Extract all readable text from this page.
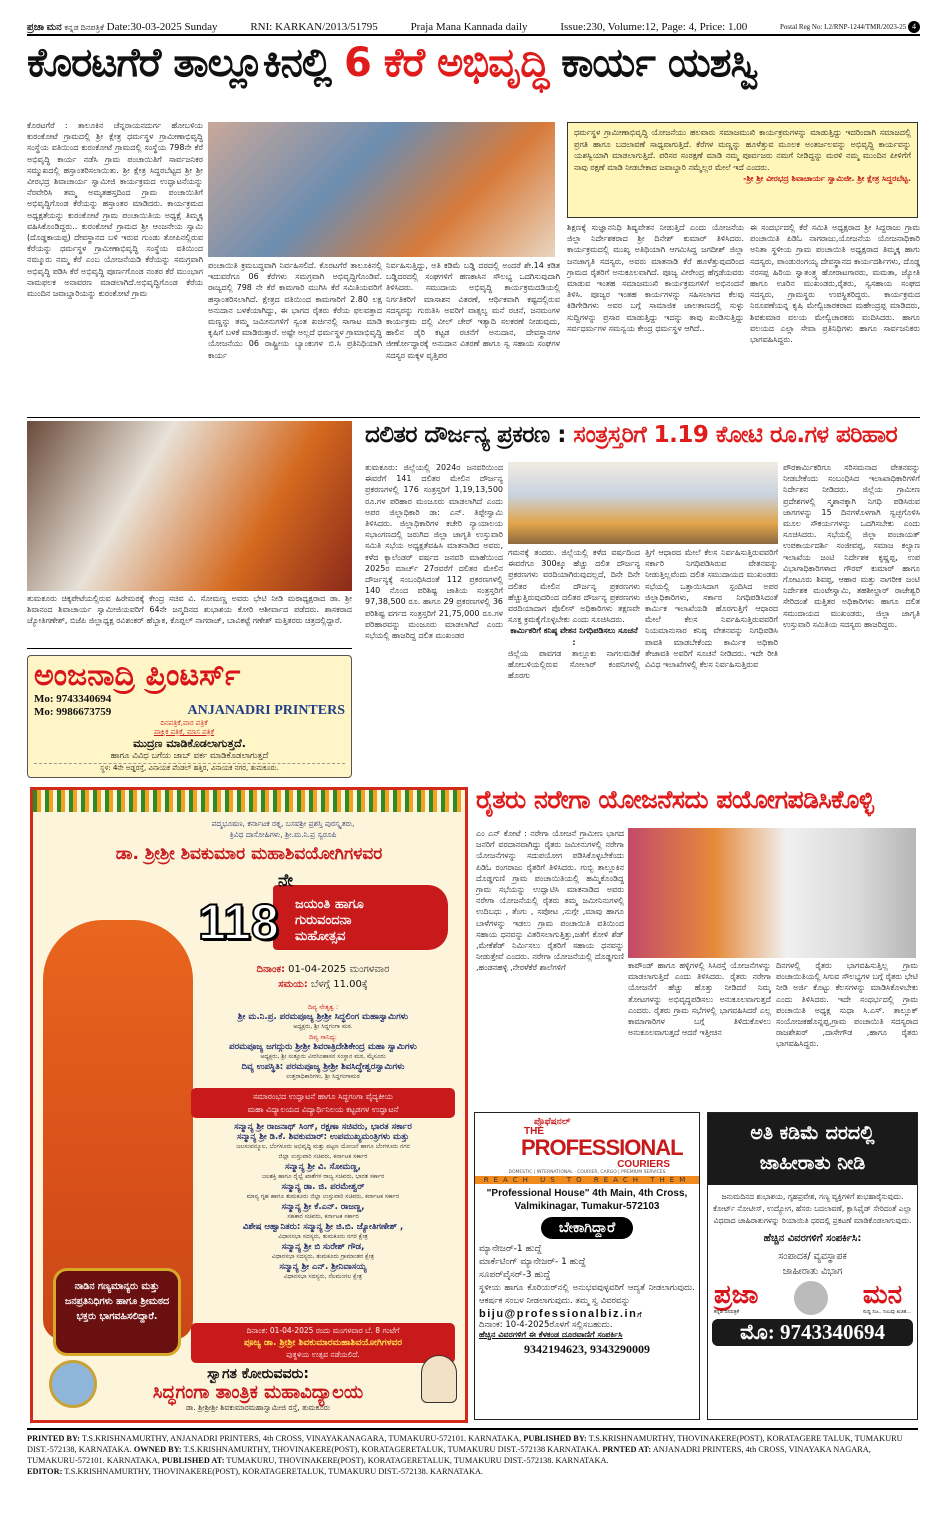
ಪ್ರಜಾ ಮನ ಕನ್ನಡ ದಿನಪತ್ರಿಕೆ Date:30-03-2025 Sunday	RNI: KARKAN/2013/51795	Praja Mana Kannada daily	Issue:230, Volume:12, Page: 4, Price: 1.00	Postal Reg No: L2/RNP-1244/TMR/2023-25 4
ಕೊರಟಗೆರೆ ತಾಲ್ಲೂಕಿನಲ್ಲಿ 6 ಕೆರೆ ಅಭಿವೃದ್ಧಿ ಕಾರ್ಯ ಯಶಸ್ವಿ
ಕೊರಟಗೆರೆ : ತಾಲೂಕಿನ ಚೆನ್ನರಾಯನದುರ್ಗ ಹೋಬಳಿಯ ಕುರಂಕೋಟೆ ಗ್ರಾಮದಲ್ಲಿ ಶ್ರೀ ಕ್ಷೇತ್ರ ಧರ್ಮಸ್ಥಳ ಗ್ರಾಮೀಣಾಭಿವೃದ್ಧಿ ಸಂಸ್ಥೆಯ ವತಿಯಿಂದ ಕುರಂಕೋಟೆ ಗ್ರಾಮದಲ್ಲಿ ಸಂಸ್ಥೆಯ 798ನೇ ಕೆರೆ ಅಭಿವೃದ್ಧಿ ಕಾರ್ಯ ನಡೆಸಿ ಗ್ರಾಮ ಪಂಚಾಯಿತಿಗೆ ಸಾರ್ವಜನಿಕರ ಸಮ್ಮುಖದಲ್ಲಿ ಹಸ್ತಾಂತರಿಸಲಾಯಿತು. ಶ್ರೀ ಕ್ಷೇತ್ರ ಸಿದ್ದರಬೆಟ್ಟದ ಶ್ರೀ ಶ್ರೀ ವೀರಭದ್ರ ಶಿವಾಚಾರ್ಯ ಸ್ವಾಮೀಜಿ ಕಾರ್ಯಕ್ರಮದ ಉದ್ಘಾಟನೆಯನ್ನು ನೆರವೇರಿಸಿ ತಮ್ಮ ಅಮೃತಹಸ್ತದಿಂದ ಗ್ರಾಮ ಪಂಚಾಯಿತಿಗೆ ಅಭಿವೃದ್ಧಿಗೊಂಡ ಕೆರೆಯನ್ನು ಹಸ್ತಾಂತರ ಮಾಡಿದರು. ಕಾರ್ಯಕ್ರಮದ ಅಧ್ಯಕ್ಷತೆಯನ್ನು ಕುರಂಕೋಟೆ ಗ್ರಾಮ ಪಂಚಾಯಿತಿಯ ಅಧ್ಯಕ್ಷೆ ತಿಮ್ಮಕ್ಕ ವಹಿಸಿಕೊಂಡಿದ್ದರು.. ಕುರಂಕೋಟೆ ಗ್ರಾಮದ ಶ್ರೀ ಆಂಜನೇಯ ಸ್ವಾಮಿ (ದೊಡ್ಡಕಾಯಪ್ಪ) ದೇವಸ್ಥಾನದ ಬಳಿ ಇರುವ ಗುಂಡು ತೋಪಿನಲ್ಲಿರುವ ಕೆರೆಯನ್ನು ಧರ್ಮಸ್ಥಳ ಗ್ರಾಮೀಣಾಭಿವೃದ್ಧಿ ಸಂಸ್ಥೆಯ ವತಿಯಿಂದ ನಮ್ಮೂರು ನಮ್ಮ ಕೆರೆ ಎಂಬ ಯೋಜನೆಯಡಿ ಕೆರೆಯನ್ನು ಸಮಗ್ರವಾಗಿ ಅಭಿವೃದ್ಧಿ ಪಡಿಸಿ ಕೆರೆ ಅಭಿವೃದ್ಧಿ ಪೂರ್ಣಗೊಂಡ ನಂತರ ಕೆರೆ ಮುಂಭಾಗ ನಾಮಫಲಕ ಅನಾವರಣ ಮಾಡಲಾಗಿದೆ.ಅಭಿವೃದ್ಧಿಗೊಂಡ ಕೆರೆಯ ಮುಂದಿನ ಜವಾಬ್ದಾರಿಯನ್ನು ಕುರಂಕೋಟೆ ಗ್ರಾಮ
ಪಂಚಾಯಿತಿ ಕ್ರಮಬದ್ಧವಾಗಿ ನಿರ್ವಹಿಸಲಿದೆ. ಕೊರಟಗೆರೆ ತಾಲೂಕಿನಲ್ಲಿ ಇದುವರೆಗೂ 06 ಕೆರೆಗಳು ಸಮಗ್ರವಾಗಿ ಅಭಿವೃದ್ಧಿಗೊಂಡಿವೆ. ರಾಜ್ಯದಲ್ಲಿ 798 ನೇ ಕೆರೆ ಕಾಮಗಾರಿ ಮುಗಿಸಿ ಕೆರೆ ಸಮಿತಿಯವರಿಗೆ ಹಸ್ತಾಂತರಿಸಲಾಗಿದೆ. ಕ್ಷೇತ್ರದ ವತಿಯಿಂದ ಕಾಮಗಾರಿಗೆ 2.80 ಲಕ್ಷ ಅನುದಾನ ಬಳಕೆಯಾಗಿದ್ದು, ಈ ಭಾಗದ ರೈತರು ಕೆರೆಯ ಫಲವತ್ತಾದ ಮಣ್ಣನ್ನು ತಮ್ಮ ಜಮೀನುಗಳಿಗೆ ಸ್ವಂತ ಖರ್ಚಿನಲ್ಲಿ ಸಾಗಾಟ ಮಾಡಿ ಕೃಷಿಗೆ ಬಳಕೆ ಮಾಡಿರುತ್ತಾರೆ. ಅಷ್ಟೇ ಅಲ್ಲದೆ ಧರ್ಮಸ್ಥಳ ಗ್ರಾಮಾಭಿವೃದ್ಧಿ ಯೋಜನೆಯು 06 ರಾಷ್ಟ್ರೀಯ ಬ್ಯಾಂಕುಗಳ ಬಿ.ಸಿ ಪ್ರತಿನಿಧಿಯಾಗಿ ಕಾರ್ಯ
ನಿರ್ವಹಿಸುತ್ತಿದ್ದು, ಅತಿ ಕಡಿಮೆ ಬಡ್ಡಿ ದರದಲ್ಲಿ ಅಂದರೆ ಶೇ.14 ಕಡಿತ ಬಡ್ಡಿದರದಲ್ಲಿ ಸಂಘಗಳಿಗೆ ಹಣಕಾಸಿನ ಸೌಲಭ್ಯ ಒದಗಿಸುವುದಾಗಿ ತಿಳಿಸಿದರು. ಸಮುದಾಯ ಅಭಿವೃದ್ಧಿ ಕಾರ್ಯಕ್ರಮದಡಿಯಲ್ಲಿ ನಿರ್ಗತಿಕರಿಗೆ ಮಾಸಾಶನ ವಿತರಣೆ, ಆರ್ಥಿಕವಾಗಿ ಕಷ್ಟದಲ್ಲಿರುವ ಸದಸ್ಯರನ್ನು ಗುರುತಿಸಿ ಅವರಿಗೆ ವಾತ್ಸಲ್ಯ ಮನೆ ರಚನೆ, ಜನಮಂಗಳ ಕಾರ್ಯಕ್ರಮ ದಲ್ಲಿ ವೀಲ್ ಚೇರ್ ಇತ್ಯಾದಿ ಸಲಕರಣೆ ನೀಡುವುದು, ಹಾಲಿನ ಡೈರಿ ಕಟ್ಟಡ ರಚನೆಗೆ ಅನುದಾನ, ದೇವಸ್ಥಾನಗಳ ಜೀರ್ಣೋದ್ಧಾರಕ್ಕೆ ಅನುದಾನ ವಿತರಣೆ ಹಾಗೂ ಸ್ವ ಸಹಾಯ ಸಂಘಗಳ ಸದಸ್ಯರ ಮಕ್ಕಳ ವೃತ್ತಿಪರ
ಧರ್ಮಸ್ಥಳ ಗ್ರಾಮೀಣಾಭಿವೃದ್ಧಿ ಯೋಜನೆಯು ಹಲವಾರು ಸಮಾಜಮುಖಿ ಕಾರ್ಯಕ್ರಮಗಳನ್ನು ಮಾಡುತ್ತಿದ್ದು ಇದರಿಂದಾಗಿ ಸಮಾಜದಲ್ಲಿ ಪ್ರಗತಿ ಹಾಗೂ ಬದಲಾವಣೆ ಸಾಧ್ಯವಾಗುತ್ತಿದೆ. ಕೆರೆಗಳ ಮಣ್ಣನ್ನು ಹೂಳೆತ್ತುವ ಮೂಲಕ ಅಂತರ್ಜಲವನ್ನು ಅಭಿವೃದ್ಧಿ ಕಾರ್ಯವನ್ನು ಯಶಸ್ವಿಯಾಗಿ ಮಾಡಲಾಗುತ್ತಿದೆ. ಪರಿಸರ ಸಂರಕ್ಷಣೆ ಮಾಡಿ ನಮ್ಮ ಪೂರ್ವಜರು ನಮಗೆ ನೀಡಿದ್ದನ್ನು ಮರಳಿ ನಮ್ಮ ಮುಂದಿನ ಪೀಳಿಗೆಗೆ ನಾವು ರಕ್ಷಣೆ ಮಾಡಿ ನೀಡಬೇಕಾದ ಜವಾಬ್ದಾರಿ ನಮ್ಮೆಲ್ಲರ ಮೇಲೆ ಇದೆ ಎಂದರು.
-ಶ್ರೀ ಶ್ರೀ ವೀರಭದ್ರ ಶಿವಾಚಾರ್ಯ ಸ್ವಾಮಿಜೀ. ಶ್ರೀ ಕ್ಷೇತ್ರ ಸಿದ್ದರಬೆಟ್ಟ.
ಶಿಕ್ಷಣಕ್ಕೆ ಸುಜ್ಞಾನನಿಧಿ ಶಿಷ್ಯವೇತನ ನೀಡುತ್ತಿದೆ ಎಂದು ಯೋಜನೆಯ ಜಿಲ್ಲಾ ನಿರ್ದೇಶಕರಾದ ಶ್ರೀ ದಿನೇಶ್ ಕುಮಾರ್ ತಿಳಿಸಿದರು. ಕಾರ್ಯಕ್ರಮದಲ್ಲಿ ಮುಖ್ಯ ಅತಿಥಿಯಾಗಿ ಆಗಮಿಸಿದ್ದ ಜಗದೀಶ್ ಜಿಲ್ಲಾ ಜನಜಾಗೃತಿ ಸದಸ್ಯರು, ಅವರು ಮಾತನಾಡಿ ಕೆರೆ ಹೂಳೆತ್ತುವುದರಿಂದ ಗ್ರಾಮದ ರೈತರಿಗೆ ಅನುಕೂಲವಾಗಿದೆ. ಪೂಜ್ಯ ವೀರೇಂದ್ರ ಹೆಗ್ಗಡೆಯವರು ಮಾಡುವ ಇಂತಹ ಸಮಾಜಮುಖಿ ಕಾರ್ಯಕ್ರಮಗಳಿಗೆ ಅಭಿನಂದನೆ ತಿಳಿಸಿ. ಪೂಜ್ಯರ ಇಂತಹ ಕಾರ್ಯಗಳನ್ನು ಸಹಿಸಲಾಗದ ಕೆಲವು ಕಿಡಿಗೇಡಿಗಳು ಅವರ ಬಗ್ಗೆ ಸಾಮಾಜಿಕ ಜಾಲತಾಣದಲ್ಲಿ ಸುಳ್ಳು ಸುದ್ದಿಗಳನ್ನು ಪ್ರಸಾರ ಮಾಡುತ್ತಿದ್ದು ಇದನ್ನು ತಾವು ಖಂಡಿಸುತ್ತಿದ್ದು ಸರ್ವಧರ್ಮಗಳ ಸಮನ್ವಯ ಕೇಂದ್ರ ಧರ್ಮಸ್ಥಳ ಆಗಿದೆ..
ಈ ಸಂದರ್ಭದಲ್ಲಿ ಕೆರೆ ಸಮಿತಿ ಅಧ್ಯಕ್ಷರಾದ ಶ್ರೀ ಸಿದ್ದರಾಜು ಗ್ರಾಮ ಪಂಚಾಯಿತಿ ಪಿಡಿಓ ನಾಗರಾಜು,ಯೋಜನೆಯ ಯೋಜನಾಧಿಕಾರಿ ಅನಿತಾ ಸ್ಥಳೀಯ ಗ್ರಾಮ ಪಂಚಾಯಿತಿ ಅಧ್ಯಕ್ಷರಾದ ತಿಮ್ಮಕ್ಕ ಹಾಗು ಸದಸ್ಯರು, ಪಾಂಡುರಂಗಯ್ಯ ದೇವಸ್ಥಾನದ ಕಾರ್ಯದರ್ಶಿಗಳು, ದೊಡ್ಡ ನರಸಪ್ಪ ಹಿರಿಯ ಸ್ವಾತಂತ್ರ್ಯ ಹೋರಾಟಗಾರರು, ಮಮತಾ, ಜ್ಯೋತಿ ಹಾಗೂ ಊರಿನ ಮುಖಂಡರು,ರೈತರು, ಸ್ವಸಹಾಯ ಸಂಘದ ಸದಸ್ಯರು, ಗ್ರಾಮಸ್ಥರು ಉಪಸ್ಥಿತರಿದ್ದರು. ಕಾರ್ಯಕ್ರಮದ ನಿರೂಪಣೆಯನ್ನ ಕೃಷಿ ಮೇಲ್ವಿಚಾರಕರಾದ ಮಹೇಂದ್ರಪ್ಪ ಮಾಡಿದರು, ಶಿವಕುಮಾರ ವಲಯ ಮೇಲ್ವಿಚಾರಕರು ವಂದಿಸಿದರು. ಹಾಗೂ ವಲಯದ ಎಲ್ಲಾ ಸೇವಾ ಪ್ರತಿನಿಧಿಗಳು ಹಾಗೂ ಸಾರ್ವಜನಿಕರು ಭಾಗವಹಿಸಿದ್ದರು.
ತುಮಕೂರು ಚಿಕ್ಕಪೇಟೆಯಲ್ಲಿರುವ ಹಿರೇಮಠಕ್ಕೆ ಕೇಂದ್ರ ಸಚಿವ ವಿ. ಸೋಮಣ್ಣ ಅವರು ಭೇಟಿ ನೀಡಿ ಮಠಾಧ್ಯಕ್ಷರಾದ ಡಾ. ಶ್ರೀ ಶಿವಾನಂದ ಶಿವಾಚಾರ್ಯ ಸ್ವಾಮೀಜಿಯವರಿಗೆ 64ನೇ ಜನ್ಮದಿನದ ಶುಭಾಶಯ ಕೋರಿ ಆಶೀರ್ವಾದ ಪಡೆದರು. ಶಾಸಕರಾದ ಜ್ಯೋತಿಗಣೇಶ್, ಬಿಜೆಪಿ ಜಿಲ್ಲಾಧ್ಯಕ್ಷ ರವಿಶಂಕರ್ ಹೆಬ್ಬಾಕ, ಕೊಪ್ಪಲ್ ನಾಗರಾಜ್, ಬಾವಿಕಟ್ಟೆ ಗಣೇಶ್ ಮತ್ತಿತರರು ಚಿತ್ರದಲ್ಲಿದ್ದಾರೆ.
ಅಂಜನಾದ್ರಿ ಪ್ರಿಂಟರ್ಸ್
Mo: 9743340694
Mo: 9986673759	ANJANADRI PRINTERS
ದಿನಪತ್ರಿಕೆ,ವಾರ ಪತ್ರಿಕೆ
ಪಾಕ್ಷಿಕ ಪತ್ರಿಕೆ, ಮಾಸ ಪತ್ರಿಕೆ
ಮುದ್ರಣ ಮಾಡಿಕೊಡಲಾಗುತ್ತದೆ.
ಹಾಗೂ ವಿವಿಧ ಬಗೆಯ ಜಾಬ್ ವರ್ಕ ಮಾಡಿಕೊಡಲಾಗುತ್ತದೆ
ಸ್ಥಳ: 4ನೇ ಅಡ್ಡರಸ್ತೆ, ವಿನಾಯಕ ಪೆಂಡಲ್ ಹತ್ತಿರ, ವಿನಾಯಕ ನಗರ, ತುಮಕೂರು.
ದಲಿತರ ದೌರ್ಜನ್ಯ ಪ್ರಕರಣ : ಸಂತ್ರಸ್ತರಿಗೆ 1.19 ಕೋಟಿ ರೂ.ಗಳ ಪರಿಹಾರ
ತುಮಕೂರು: ಜಿಲ್ಲೆಯಲ್ಲಿ 2024ರ ಜನವರಿಯಿಂದ ಈವರೆಗೆ 141 ದಲಿತರ ಮೇಲಿನ ದೌರ್ಜನ್ಯ ಪ್ರಕರಣಗಳಲ್ಲಿ 176 ಸಂತ್ರಸ್ತರಿಗೆ 1,19,13,500 ರೂ.ಗಳ ಪರಿಹಾರ ಮಂಜೂರು ಮಾಡಲಾಗಿದೆ ಎಂದು ಅಪರ ಜಿಲ್ಲಾಧಿಕಾರಿ ಡಾ: ಎನ್. ತಿಪ್ಪೇಸ್ವಾಮಿ ತಿಳಿಸಿದರು. ಜಿಲ್ಲಾಧಿಕಾರಿಗಳ ಕಚೇರಿ ನ್ಯಾಯಾಲಯ ಸಭಾಂಗಣದಲ್ಲಿ ಜರುಗಿದ ಜಿಲ್ಲಾ ಜಾಗೃತಿ ಉಸ್ತುವಾರಿ ಸಮಿತಿ ಸಭೆಯ ಅಧ್ಯಕ್ಷತೆವಹಿಸಿ ಮಾತನಾಡಿದ ಅವರು, ಕಳೆದ ಕ್ಯಾಲೆಂಡರ್ ವರ್ಷದ ಜನವರಿ ಮಾಹೆಯಿಂದ 2025ರ ಮಾರ್ಚ್ 27ರವರೆಗೆ ದಲಿತರ ಮೇಲಿನ ದೌರ್ಜನ್ಯಕ್ಕೆ ಸಂಬಂಧಿಸಿದಂತೆ 112 ಪ್ರಕರಣಗಳಲ್ಲಿ 140 ನೊಂದ ಪರಿಶಿಷ್ಟ ಜಾತಿಯ ಸಂತ್ರಸ್ತರಿಗೆ 97,38,500 ರೂ. ಹಾಗೂ 29 ಪ್ರಕರಣಗಳಲ್ಲಿ 36 ಪರಿಶಿಷ್ಟ ವರ್ಗದ ಸಂತ್ರಸ್ತರಿಗೆ 21,75,000 ರೂ.ಗಳ ಪರಿಹಾರವನ್ನು ಮಂಜೂರು ಮಾಡಲಾಗಿದೆ ಎಂದು ಸಭೆಯಲ್ಲಿ ಹಾಜರಿದ್ದ ದಲಿತ ಮುಖಂಡರ
ಗಮನಕ್ಕೆ ತಂದರು. ಜಿಲ್ಲೆಯಲ್ಲಿ ಕಳೆದ ವರ್ಷದಿಂದ ಈವರೆಗೂ 300ಕ್ಕೂ ಹೆಚ್ಚು ದಲಿತ ದೌರ್ಜನ್ಯ ಪ್ರಕರಣಗಳು ವರದಿಯಾಗಿರುವುದಲ್ಲದೆ, ದಿನೇ ದಿನೇ ದಲಿತರ ಮೇಲಿನ ದೌರ್ಜನ್ಯ ಪ್ರಕರಣಗಳು ಹೆಚ್ಚುತ್ತಿರುವುದರಿಂದ ದಲಿತರ ದೌರ್ಜನ್ಯ ಪ್ರಕರಣಗಳು ವರದಿಯಾದಾಗ ಪೊಲೀಸ್ ಅಧಿಕಾರಿಗಳು ತಕ್ಷಣವೇ ಸೂಕ್ತ ಕ್ರಮಕೈಗೊಳ್ಳಬೇಕು ಎಂದು ಸೂಚಿಸಿದರು.
ಕಾರ್ಮಿಕರಿಗೆ ಕನಿಷ್ಠ ವೇತನ ನಿಗಧಿಪಡಿಸಲು ಸೂಚನೆ :
ಜಿಲ್ಲೆಯ ಪಾವಗಡ ತಾಲ್ಲೂಕು ನಾಗಲಮಡಿಕೆ ಹೋಬಳಿಯಲ್ಲಿರುವ ಸೋಲಾರ್ ಕಂಪನಿಗಳಲ್ಲಿ ಹೊರಗು
ತ್ತಿಗೆ ಆಧಾರದ ಮೇಲೆ ಕೆಲಸ ನಿರ್ವಹಿಸುತ್ತಿರುವವರಿಗೆ ಸರ್ಕಾರಿ ನಿಗಧಿಪಡಿಸಿರುವ ವೇತನವನ್ನು ನೀಡುತ್ತಿಲ್ಲವೆಂದು ದಲಿತ ಸಮುದಾಯದ ಮುಖಂಡರು ಸಭೆಯಲ್ಲಿ ಒತ್ತಾಯಿಸಿದಾಗ ಸ್ಪಂದಿಸಿದ ಅಪರ ಜಿಲ್ಲಾಧಿಕಾರಿಗಳು, ಸರ್ಕಾರ ನಿಗಧಿಪಡಿಸಿದಂತೆ ಕಾರ್ಮಿಕ ಇಲಾಖೆಯಡಿ ಹೊರಗುತ್ತಿಗೆ ಆಧಾರದ ಮೇಲೆ ಕೆಲಸ ನಿರ್ವಹಿಸುತ್ತಿರುವವರಿಗೆ ನಿಯಮಾನುಸಾರ ಕನಿಷ್ಠ ವೇತನವನ್ನು ನಿಗಧಿಪಡಿಸಿ ಪಾವತಿ ಮಾಡಬೇಕೆಂದು ಕಾರ್ಮಿಕ ಅಧಿಕಾರಿ ತೇಜಾವತಿ ಅವರಿಗೆ ಸೂಚನೆ ನೀಡಿದರು. ಇದೇ ರೀತಿ ವಿವಿಧ ಇಲಾಖೆಗಳಲ್ಲಿ ಕೆಲಸ ನಿರ್ವಹಿಸುತ್ತಿರುವ
ಪೌರಕಾರ್ಮಿಕರಿಗೂ ಸರಿಸಮನಾದ ವೇತನವನ್ನು ನೀಡಬೇಕೆಂದು ಸಂಬಂಧಿಸಿದ ಇಲಾಖಾಧಿಕಾರಿಗಳಿಗೆ ನಿರ್ದೇಶನ ನೀಡಿದರು. ಜಿಲ್ಲೆಯ ಗ್ರಾಮೀಣ ಪ್ರದೇಶಗಳಲ್ಲಿ ಸ್ಮಶಾನಕ್ಕಾಗಿ ನಿಗಧಿ ಪಡಿಸಿರುವ ಜಾಗಗಳನ್ನು 15 ದಿನಗಳೊಳಗಾಗಿ ಸ್ವಚ್ಛಗೊಳಿಸಿ ಮೂಲ ಸೌಕರ್ಯಗಳನ್ನು ಒದಗಿಸಬೇಕು ಎಂದು ಸೂಚಿಸಿದರು. ಸಭೆಯಲ್ಲಿ ಜಿಲ್ಲಾ ಪಂಚಾಯತ್ ಉಪಕಾರ್ಯದರ್ಶಿ ಸಂಜೀವಪ್ಪ, ಸಮಾಜ ಕಲ್ಯಾಣ ಇಲಾಖೆಯ ಜಂಟಿ ನಿರ್ದೇಶಕ ಕೃಷ್ಣಪ್ಪ, ಉಪ ವಿಭಾಗಾಧಿಕಾರಿಗಳಾದ ಗೌರವ್ ಕುಮಾರ್ ಹಾಗೂ ಗೋಟೂರು ಶಿವಪ್ಪ, ಆಹಾರ ಮತ್ತು ನಾಗರೀಕ ಜಂಟಿ ನಿರ್ದೇಶಕ ಮಂಟೇಸ್ವಾಮಿ, ತಹಶೀಲ್ದಾರ್ ರಾಜೇಶ್ವರಿ ಸೇರಿದಂತೆ ಮತ್ತಿತರ ಅಧಿಕಾರಿಗಳು ಹಾಗೂ ದಲಿತ ಸಮುದಾಯದ ಮುಖಂಡರು, ಜಿಲ್ಲಾ ಜಾಗೃತಿ ಉಸ್ತುವಾರಿ ಸಮಿತಿಯ ಸದಸ್ಯರು ಹಾಜರಿದ್ದರು.
ಪದ್ಮಭೂಷಣ, ಕರ್ನಾಟಕ ರತ್ನ, ಬಸವಶ್ರೀ ಪ್ರಶಸ್ತಿ ಪುರಸ್ಕೃತರು,
ತ್ರಿವಿಧ ದಾಸೋಹಿಗಳು, ಶ್ರೀ.ಮ.ನಿ.ಪ್ರ ಸ್ವರೂಪಿ
ಡಾ. ಶ್ರೀಶ್ರೀ ಶಿವಕುಮಾರ ಮಹಾಶಿವಯೋಗಿಗಳವರ
ಜಯಂತಿ ಹಾಗೂ
ಗುರುವಂದನಾ
ಮಹೋತ್ಸವ
ನೇ
118
ದಿನಾಂಕ: 01-04-2025 ಮಂಗಳವಾರ
ಸಮಯ: ಬೆಳಗ್ಗೆ 11.00ಕ್ಕೆ
ದಿವ್ಯ ನೇತೃತ್ವ :
ಶ್ರೀ ಮ.ನಿ.ಪ್ರ. ಪರಮಪೂಜ್ಯ ಶ್ರೀಶ್ರೀ ಸಿದ್ಧಲಿಂಗ ಮಹಾಸ್ವಾಮಿಗಳು
ಅಧ್ಯಕ್ಷರು, ಶ್ರೀ ಸಿದ್ಧಗಂಗಾ ಮಠ.
ದಿವ್ಯ ಸಾನಿಧ್ಯ:
ಪರಮಪೂಜ್ಯ ಜಗದ್ಗುರು ಶ್ರೀಶ್ರೀ ಶಿವರಾತ್ರಿದೇಶಿಕೇಂದ್ರ ಮಹಾ ಸ್ವಾಮಿಗಳು
ಅಧ್ಯಕ್ಷರು, ಶ್ರೀ ಸುತ್ತೂರು ವೀರಸಿಂಹಾಸನ ಸಂಸ್ಥಾನ ಮಠ, ಮೈಸೂರು
ದಿವ್ಯ ಉಪಸ್ಥಿತಿ: ಪರಮಪೂಜ್ಯ ಶ್ರೀಶ್ರೀ ಶಿವಸಿದ್ಧೇಶ್ವರಸ್ವಾಮಿಗಳು
ಉತ್ತರಾಧಿಕಾರಿಗಳು, ಶ್ರೀ ಸಿದ್ಧಗಂಗಾಮಠ
ಸಮಾರಂಭದ ಉದ್ಘಾಟನೆ ಹಾಗೂ ಸಿದ್ಧಗಂಗಾ ವೈದ್ಯಕೀಯ
ಮಹಾ ವಿದ್ಯಾಲಯದ ವಿದ್ಯಾರ್ಥಿನಿಲಯ ಕಟ್ಟಡಗಳ ಉದ್ಘಾಟನೆ
ಸನ್ಮಾನ್ಯ ಶ್ರೀ ರಾಜನಾಥ್ ಸಿಂಗ್, ರಕ್ಷಣಾ ಸಚಿವರು, ಭಾರತ ಸರ್ಕಾರ
ಸನ್ಮಾನ್ಯ ಶ್ರೀ ಡಿ.ಕೆ. ಶಿವಕುಮಾರ್: ಉಪಮುಖ್ಯಮಂತ್ರಿಗಳು ಮತ್ತು
ಜಲಸಂಪನ್ಮೂಲ, ಬೆಂಗಳೂರು ಅಭಿವೃದ್ಧಿ ಮತ್ತು ಪಟ್ಟಣ ಯೋಜನೆ ಹಾಗೂ ಬೆಂಗಳೂರು ನಗರ
ಜಿಲ್ಲಾ ಉಸ್ತುವಾರಿ ಸಚಿವರು, ಕರ್ನಾಟಕ ಸರ್ಕಾರ
ಸನ್ಮಾನ್ಯ ಶ್ರೀ ವಿ. ಸೋಮಣ್ಣ,
ಜಲಶಕ್ತಿ ಹಾಗೂ ರೈಲ್ವೆ ಖಾತೆಗಳ ರಾಜ್ಯ ಸಚಿವರು, ಭಾರತ ಸರ್ಕಾರ
ಸನ್ಮಾನ್ಯ ಡಾ. ಜಿ. ಪರಮೇಶ್ವರ್
ಮಾನ್ಯ ಗೃಹ ಹಾಗೂ ತುಮಕೂರು ಜಿಲ್ಲಾ ಉಸ್ತುವಾರಿ ಸಚಿವರು, ಕರ್ನಾಟಕ ಸರ್ಕಾರ
ಸನ್ಮಾನ್ಯ ಶ್ರೀ ಕೆ.ಎನ್. ರಾಜಣ್ಣ,
ಸಹಕಾರ ಸಚಿವರು, ಕರ್ನಾಟಕ ಸರ್ಕಾರ
ವಿಶೇಷ ಆಹ್ವಾನಿತರು: ಸನ್ಮಾನ್ಯ ಶ್ರೀ ಜಿ.ಬಿ. ಜ್ಯೋತಿಗಣೇಶ್ ,
ವಿಧಾನಸಭಾ ಸದಸ್ಯರು, ತುಮಕೂರು ನಗರ ಕ್ಷೇತ್ರ
ಸನ್ಮಾನ್ಯ ಶ್ರೀ ಬಿ ಸುರೇಶ್ ಗೌಡ,
ವಿಧಾನಸಭಾ ಸದಸ್ಯರು, ತುಮಕೂರು ಗ್ರಾಮಾಂತರ ಕ್ಷೇತ್ರ
ಸನ್ಮಾನ್ಯ ಶ್ರೀ ಎನ್. ಶ್ರೀನಿವಾಸಯ್ಯ
ವಿಧಾನಸಭಾ ಸದಸ್ಯರು, ನೆಲಮಂಗಲ ಕ್ಷೇತ್ರ
ನಾಡಿನ ಗಣ್ಯಮಾನ್ಯರು ಮತ್ತು ಜನಪ್ರತಿನಿಧಿಗಳು ಹಾಗೂ ಶ್ರೀಮಠದ ಭಕ್ತರು ಭಾಗವಹಿಸಲಿದ್ದಾರೆ.
ದಿನಾಂಕ: 01-04-2025 ರಂದು ಮಂಗಳವಾರ ಬೆ. 8 ಗಂಟೆಗೆ
ಪೂಜ್ಯ ಡಾ. ಶ್ರೀಶ್ರೀ ಶಿವಕುಮಾರಮಹಾಶಿವಯೋಗಿಗಳವರ
ಪುತ್ಥಳಿಯ ಉತ್ಸವ ನಡೆಯಲಿದೆ.
ಸ್ವಾಗತ ಕೋರುವವರು:
ಸಿದ್ಧಗಂಗಾ ತಾಂತ್ರಿಕ ಮಹಾವಿದ್ಯಾಲಯ
ಡಾ. ಶ್ರೀಶ್ರೀಶ್ರೀ ಶಿವಕುಮಾರಮಹಾಸ್ವಾಮೀಜಿ ರಸ್ತೆ, ತುಮಕೂರು
ರೈತರು ನರೇಗಾ ಯೋಜನೆಸದು ಪಯೋಗಪಡಿಸಿಕೊಳ್ಳಿ
ಎಂ ಎನ್ ಕೋಟೆ : ನರೇಗಾ ಯೋಜನೆ ಗ್ರಾಮೀಣ ಭಾಗದ ಜನರಿಗೆ ವರದಾನವಾಗಿದ್ದು ರೈತರು ಜಮೀನುಗಳಲ್ಲಿ ನರೇಗಾ ಯೋಜನೆಗಳನ್ನು ಸದುಪಯೋಗ ಪಡಿಸಿಕೊಳ್ಳಬೇಕೆಂದು ಪಿಡಿಓ ರಂಗರಾಜು ರೈತರಿಗೆ ತಿಳಿಸಿದರು. ಗುಬ್ಬಿ ತಾಲ್ಲೂಕಿನ ದೊಡ್ಡಗುಣಿ ಗ್ರಾಮ ಪಂಚಾಯಿತಿಯಲ್ಲಿ ಹಮ್ಮಿಕೊಂಡಿದ್ದ ಗ್ರಾಮ ಸಭೆಯನ್ನು ಉದ್ಘಾಟಿಸಿ ಮಾತನಾಡಿದ ಅವರು ನರೇಗಾ ಯೋಜನೆಯಲ್ಲಿ ರೈತರು ತಮ್ಮ ಜಮೀನಿನುಗಳಲ್ಲಿ ಉದಿಬಧು , ತೆಂಗು , ಸಪೋಟ ,ನುಗ್ಗೇ ,ಮಾವು ಹಾಗೂ ಬಾಳೆಗಳನ್ನು ಇಡಲು ಗ್ರಾಮ ಪಂಚಾಯಿತಿ ವತಿಯಿಂದ ಸಹಾಯ ಧನವನ್ನು ವಿತರಿಸಲಾಗುತ್ತಿತ್ತು,ಜತೆಗೆ ಕೋಳಿ ಶೆಡ್ ,ಮೇಕೆಶೆಡ್ ನಿರ್ಮಿಸಲು ರೈತರಿಗೆ ಸಹಾಯ ಧನವನ್ನು ನೀಡುತ್ತೇವೆ ಎಂದರು. ನರೇಗಾ ಯೋಜನೆಯಲ್ಲಿ ದೊಡ್ಡಗುಣಿ ,ಹಂಡನಹಳ್ಳಿ ,ನೇರಳೆಕೆರೆ ಶಾಲೆಗಳಿಗೆ	ಕಾಪೌಂಡ್ ಹಾಗೂ ಹಳ್ಳಿಗಳಲ್ಲಿ ಸಿಸಿರಸ್ತೆ ಯೋಜನೆಗಳನ್ನು ಮಾಡಲಾಗುತ್ತಿದೆ ಎಂದು ತಿಳಿಸಿದರು. ರೈತರು ನರೇಗಾ ಯೋಜನೆಗೆ ಹೆಚ್ಚು ಹೊತ್ತು ನೀಡಿದರೆ ನಿಮ್ಮ ತೋಟಗಳನ್ನು ಅಭಿವೃದ್ಧಪಡಿಸಲು ಅನುಕೂಲವಾಗುತ್ತದೆ ಎಂದರು. ರೈತರು ಗ್ರಾಮ ಸಭೆಗಳಲ್ಲಿ ಭಾಗವಹಿಸಿದರೆ ಎಲ್ಲ ಕಾಮಾಗಾರಿಗಳ ಬಗ್ಗೆ ತಿಳಿದುಕೊಳಲು ಅನುಕೂಲವಾಗುತ್ತದೆ ಆದರೆ ಇತ್ತೀಚಿನ
ದಿನಗಳಲ್ಲಿ ರೈತರು ಭಾಗವಹಿಸುತ್ತಿಲ್ಲ ಗ್ರಾಮ ಪಂಚಾಯಿತಿಯಲ್ಲಿ ಸಿಗುವ ಸೌಲಭ್ಯಗಳ ಬಗ್ಗೆ ರೈತರು ಭೇಟಿ ನೀಡಿ ಅರ್ಜಿ ಕೊಟ್ಟು ಕೆಲಸಗಳನ್ನು ಮಾಡಿಸಿಕೊಳಬೇಕು ಎಂದು ತಿಳಿಸಿದರು. ಇದೇ ಸಂಧರ್ಭದಲ್ಲಿ ಗ್ರಾಮ ಪಂಚಾಯಿತಿ ಅಧ್ಯಕ್ಷ ಸುಧಾ ಸಿ.ಎಸ್. ತಾಲ್ಲೂಕ್ ಸಂಯೋಜಕಹೊನ್ನಪ್ಪ,ಗ್ರಾಮ ಪಂಚಾಯಿತಿ ಸದಸ್ಯರಾದ ರಾಜಶೇಖರ್ ,ದಾಸೇಗೌಡ ,ಹಾಗೂ ರೈತರು ಭಾಗವಹಿಸಿದ್ದರು.
ಪ್ರೊಫೆಷನಲ್
THE
PROFESSIONAL
COURIERS
DOMESTIC | INTERNATIONAL · COURIER, CARGO | PREMIUM SERVICES
REACH US TO REACH THEM
"Professional House" 4th Main, 4th Cross,
Valmikinagar, Tumakur-572103
ಬೇಕಾಗಿದ್ದಾರೆ
ಮ್ಯಾನೇಜರ್-1 ಹುದ್ದೆ
ಮಾರ್ಕೆಟಿಂಗ್ ಮ್ಯಾನೇಜರ್- 1 ಹುದ್ದೆ
ಸೂಪರ್‌ವೈಸರ್-3 ಹುದ್ದೆ
ಸ್ಥಳೀಯ ಹಾಗೂ ಕೊರಿಯರ್‌ನಲ್ಲಿ ಅನುಭವವುಳ್ಳವರಿಗೆ ಆದ್ಯತೆ ನೀಡಲಾಗುವುದು. ಆಕರ್ಷಕ ಸಂಬಳ ನೀಡಲಾಗುವುದು. ತಮ್ಮ ಸ್ವ ವಿವರವನ್ನು
biju@professionalbiz.inಗೆ
ದಿನಾಂಕ: 10-4-2025ರೊಳಗೆ ಸಲ್ಲಿಸಬಹುದು.
ಹೆಚ್ಚಿನ ವಿವರಗಳಿಗೆ ಈ ಕೆಳಕಂಡ ದೂರವಾಣಿಗೆ ಸಂಪರ್ಕಿಸಿ
9342194623, 9343290009
ಅತಿ ಕಡಿಮೆ ದರದಲ್ಲಿ
ಜಾಹೀರಾತು ನೀಡಿ
ಜನುಮದಿನದ ಶುಭಾಶಯ, ಗೃಹಪ್ರವೇಶ, ಗಣ್ಯ ವ್ಯಕ್ತಿಗಳಿಗೆ ಶುಭಹಾರೈಸುವುದು. ಕೋರ್ಟ್ ನೋಟೀಸ್, ಉದ್ಯೋಗ, ಹೆಸರು ಬದಲಾವಣೆ, ಕ್ಲಾಸಿಫೈಡ್ ಸೇರಿದಂತೆ ಎಲ್ಲಾ ವಿಧವಾದ ಜಾಹಿರಾತುಗಳನ್ನು ರಿಯಾಯಿತಿ ಧರದಲ್ಲಿ ಪ್ರಕಟಣೆ ಮಾಡಿಕೊಡಲಾಗುವುದು.
ಹೆಚ್ಚಿನ ವಿವರಗಳಿಗೆ ಸಂಪರ್ಕಿಸಿ:
ಸಂಪಾದಕ/ ವ್ಯವಸ್ಥಾಪಕ
ಜಾಹೀರಾತು ವಿಭಾಗ
ಪ್ರಜಾ
ಕನ್ನಡ ದಿನಪತ್ರಿಕೆ
ಮನ
ಸುದ್ದಿ ನಿಜ.. ನಿಲುವು ಖಚಿತ...
ಮೊ: 9743340694
PRINTED BY: T.S.KRISHNAMURTHY, ANJANADRI PRINTERS, 4th CROSS, VINAYAKANAGARA, TUMAKURU-572101. KARNATAKA, PUBLISHED BY: T.S.KRISHNAMURTHY, THOVINAKERE(POST), KORATAGERE TALUK, TUMAKURU DIST.-572138, KARNATAKA. OWNED BY: T.S.KRISHNAMURTHY, THOVINAKERE(POST), KORATAGERETALUK, TUMAKURU DIST.-572138 KARNATAKA. PRNTED AT: ANJANADRI PRINTERS, 4th CROSS, VINAYAKA NAGARA, TUMAKURU-572101. KARNATAKA, PUBLISHED AT: TUMAKURU, THOVINAKERE(POST), KORATAGERETALUK, TUMAKURU DIST.-572138. KARNATAKA.
EDITOR: T.S.KRISHNAMURTHY, THOVINAKERE(POST), KORATAGERETALUK, TUMAKURU DIST.-572138. KARNATAKA.
